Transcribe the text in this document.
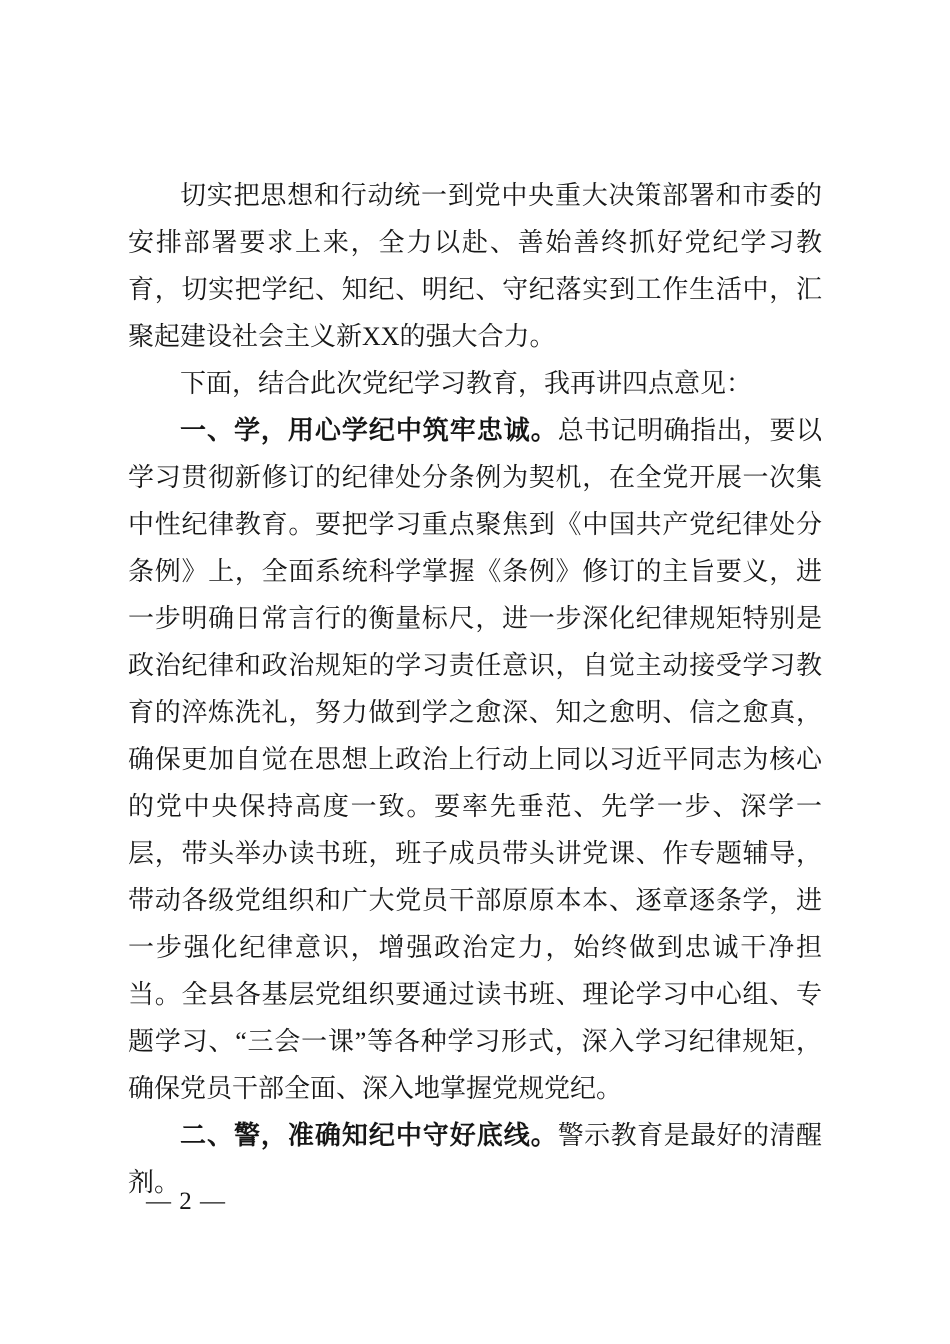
切实把思想和行动统一到党中央重大决策部署和市委的安排部署要求上来，全力以赴、善始善终抓好党纪学习教育，切实把学纪、知纪、明纪、守纪落实到工作生活中，汇聚起建设社会主义新XX的强大合力。

下面，结合此次党纪学习教育，我再讲四点意见：

一、学，用心学纪中筑牢忠诚。总书记明确指出，要以学习贯彻新修订的纪律处分条例为契机，在全党开展一次集中性纪律教育。要把学习重点聚焦到《中国共产党纪律处分条例》上，全面系统科学掌握《条例》修订的主旨要义，进一步明确日常言行的衡量标尺，进一步深化纪律规矩特别是政治纪律和政治规矩的学习责任意识，自觉主动接受学习教育的淬炼洗礼，努力做到学之愈深、知之愈明、信之愈真，确保更加自觉在思想上政治上行动上同以习近平同志为核心的党中央保持高度一致。要率先垂范、先学一步、深学一层，带头举办读书班，班子成员带头讲党课、作专题辅导，带动各级党组织和广大党员干部原原本本、逐章逐条学，进一步强化纪律意识，增强政治定力，始终做到忠诚干净担当。全县各基层党组织要通过读书班、理论学习中心组、专题学习、“三会一课”等各种学习形式，深入学习纪律规矩，确保党员干部全面、深入地掌握党规党纪。

二、警，准确知纪中守好底线。警示教育是最好的清醒剂。

— 2 —
